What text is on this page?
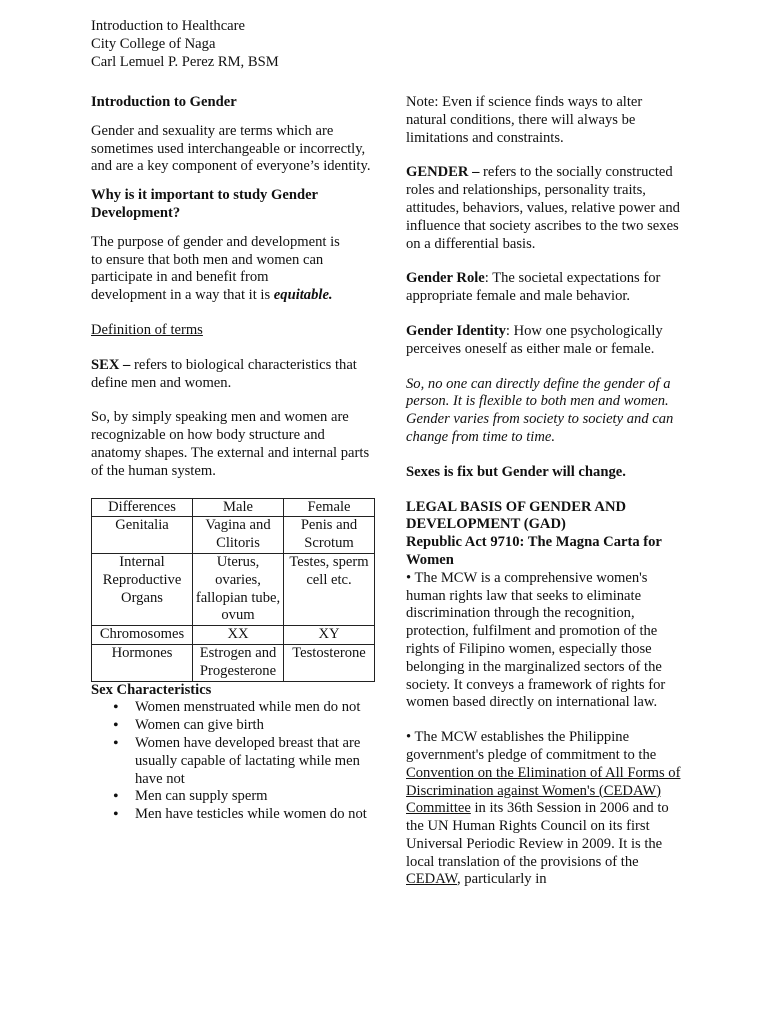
Introduction to Healthcare
City College of Naga
Carl Lemuel P. Perez RM, BSM

Introduction to Gender

Gender and sexuality are terms which are sometimes used interchangeable or incorrectly, and are a key component of everyone’s identity.

Why is it important to study Gender Development?

The purpose of gender and development is to ensure that both men and women can participate in and benefit from development in a way that it is equitable.

Definition of terms

SEX – refers to biological characteristics that define men and women.

So, by simply speaking men and women are recognizable on how body structure and anatomy shapes. The external and internal parts of the human system.

Differences	Male	Female
Genitalia	Vagina and Clitoris	Penis and Scrotum
Internal Reproductive Organs	Uterus, ovaries, fallopian tube, ovum	Testes, sperm cell etc.
Chromosomes	XX	XY
Hormones	Estrogen and Progesterone	Testosterone

Sex Characteristics

• Women menstruated while men do not
• Women can give birth
• Women have developed breast that are usually capable of lactating while men have not
• Men can supply sperm
• Men have testicles while women do not

Note: Even if science finds ways to alter natural conditions, there will always be limitations and constraints.

GENDER – refers to the socially constructed roles and relationships, personality traits, attitudes, behaviors, values, relative power and influence that society ascribes to the two sexes on a differential basis.

Gender Role: The societal expectations for appropriate female and male behavior.

Gender Identity: How one psychologically perceives oneself as either male or female.

So, no one can directly define the gender of a person. It is flexible to both men and women. Gender varies from society to society and can change from time to time.

Sexes is fix but Gender will change.

LEGAL BASIS OF GENDER AND DEVELOPMENT (GAD)

Republic Act 9710: The Magna Carta for Women

• The MCW is a comprehensive women's human rights law that seeks to eliminate discrimination through the recognition, protection, fulfilment and promotion of the rights of Filipino women, especially those belonging in the marginalized sectors of the society. It conveys a framework of rights for women based directly on international law.

• The MCW establishes the Philippine government's pledge of commitment to the Convention on the Elimination of All Forms of Discrimination against Women's (CEDAW) Committee in its 36th Session in 2006 and to the UN Human Rights Council on its first Universal Periodic Review in 2009. It is the local translation of the provisions of the CEDAW, particularly in
